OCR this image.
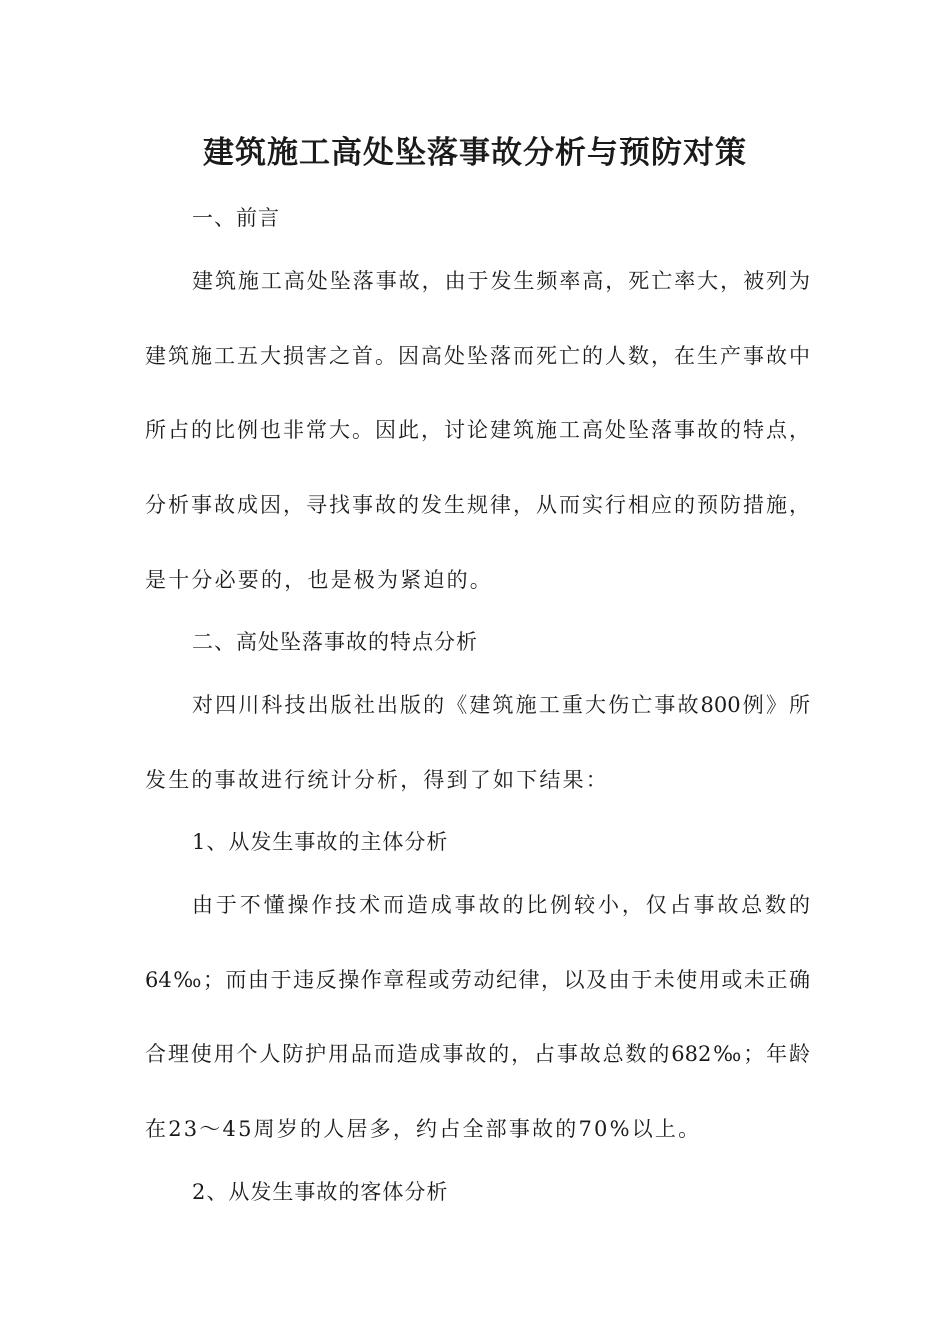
建筑施工高处坠落事故分析与预防对策
一、前言
建筑施工高处坠落事故，由于发生频率高，死亡率大，被列为
建筑施工五大损害之首。因高处坠落而死亡的人数，在生产事故中
所占的比例也非常大。因此，讨论建筑施工高处坠落事故的特点，
分析事故成因，寻找事故的发生规律，从而实行相应的预防措施，
是十分必要的，也是极为紧迫的。
二、高处坠落事故的特点分析
对四川科技出版社出版的《建筑施工重大伤亡事故800例》所
发生的事故进行统计分析，得到了如下结果：
1、从发生事故的主体分析
由于不懂操作技术而造成事故的比例较小，仅占事故总数的
64‰；而由于违反操作章程或劳动纪律，以及由于未使用或未正确
合理使用个人防护用品而造成事故的，占事故总数的682‰；年龄
在23～45周岁的人居多，约占全部事故的70%以上。
2、从发生事故的客体分析
